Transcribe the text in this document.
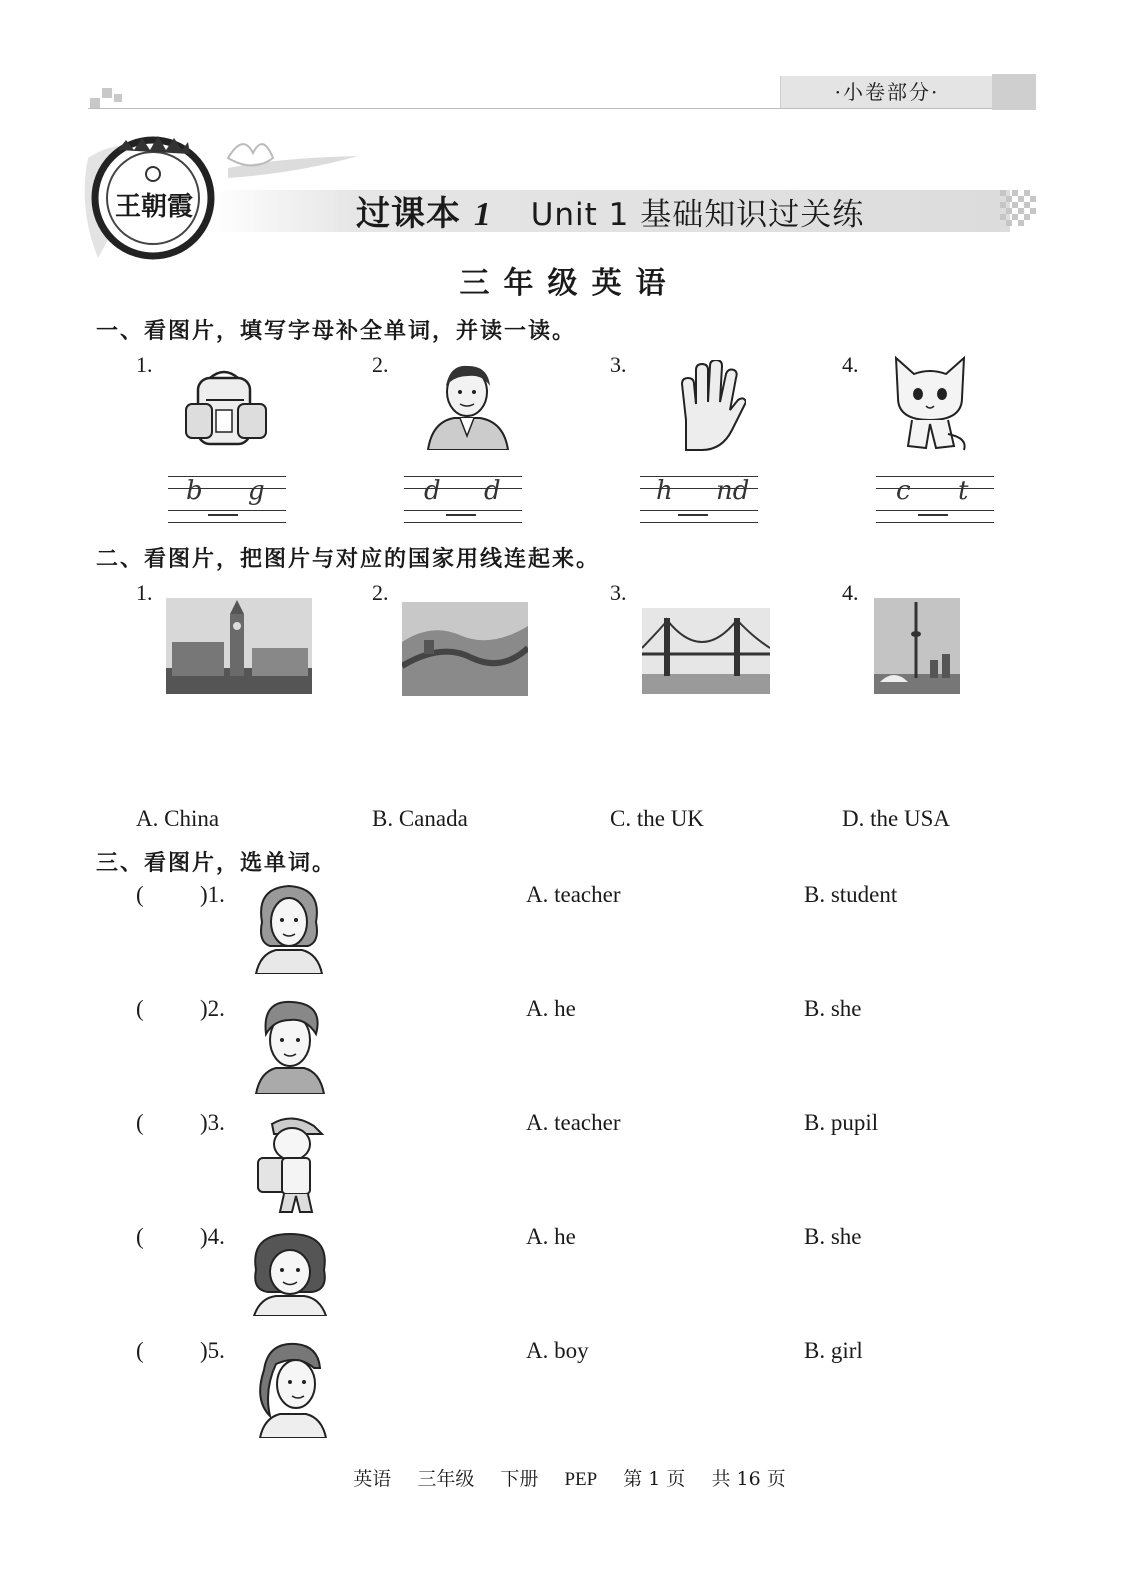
·小卷部分·
王朝霞	过课本 1 Unit 1 基础知识过关练
三年级英语
一、看图片，填写字母补全单词，并读一读。
1.
b g
2.
d d
3.
h nd
4.
c t
二、看图片，把图片与对应的国家用线连起来。
1.	2.	3.	4.
A. China	B. Canada	C. the UK	D. the USA
三、看图片，选单词。
( )1.	A. teacher	B. student
( )2.	A. he	B. she
( )3.	A. teacher	B. pupil
( )4.	A. he	B. she
( )5.	A. boy	B. girl
英语 三年级 下册 PEP 第 1 页 共 16 页
